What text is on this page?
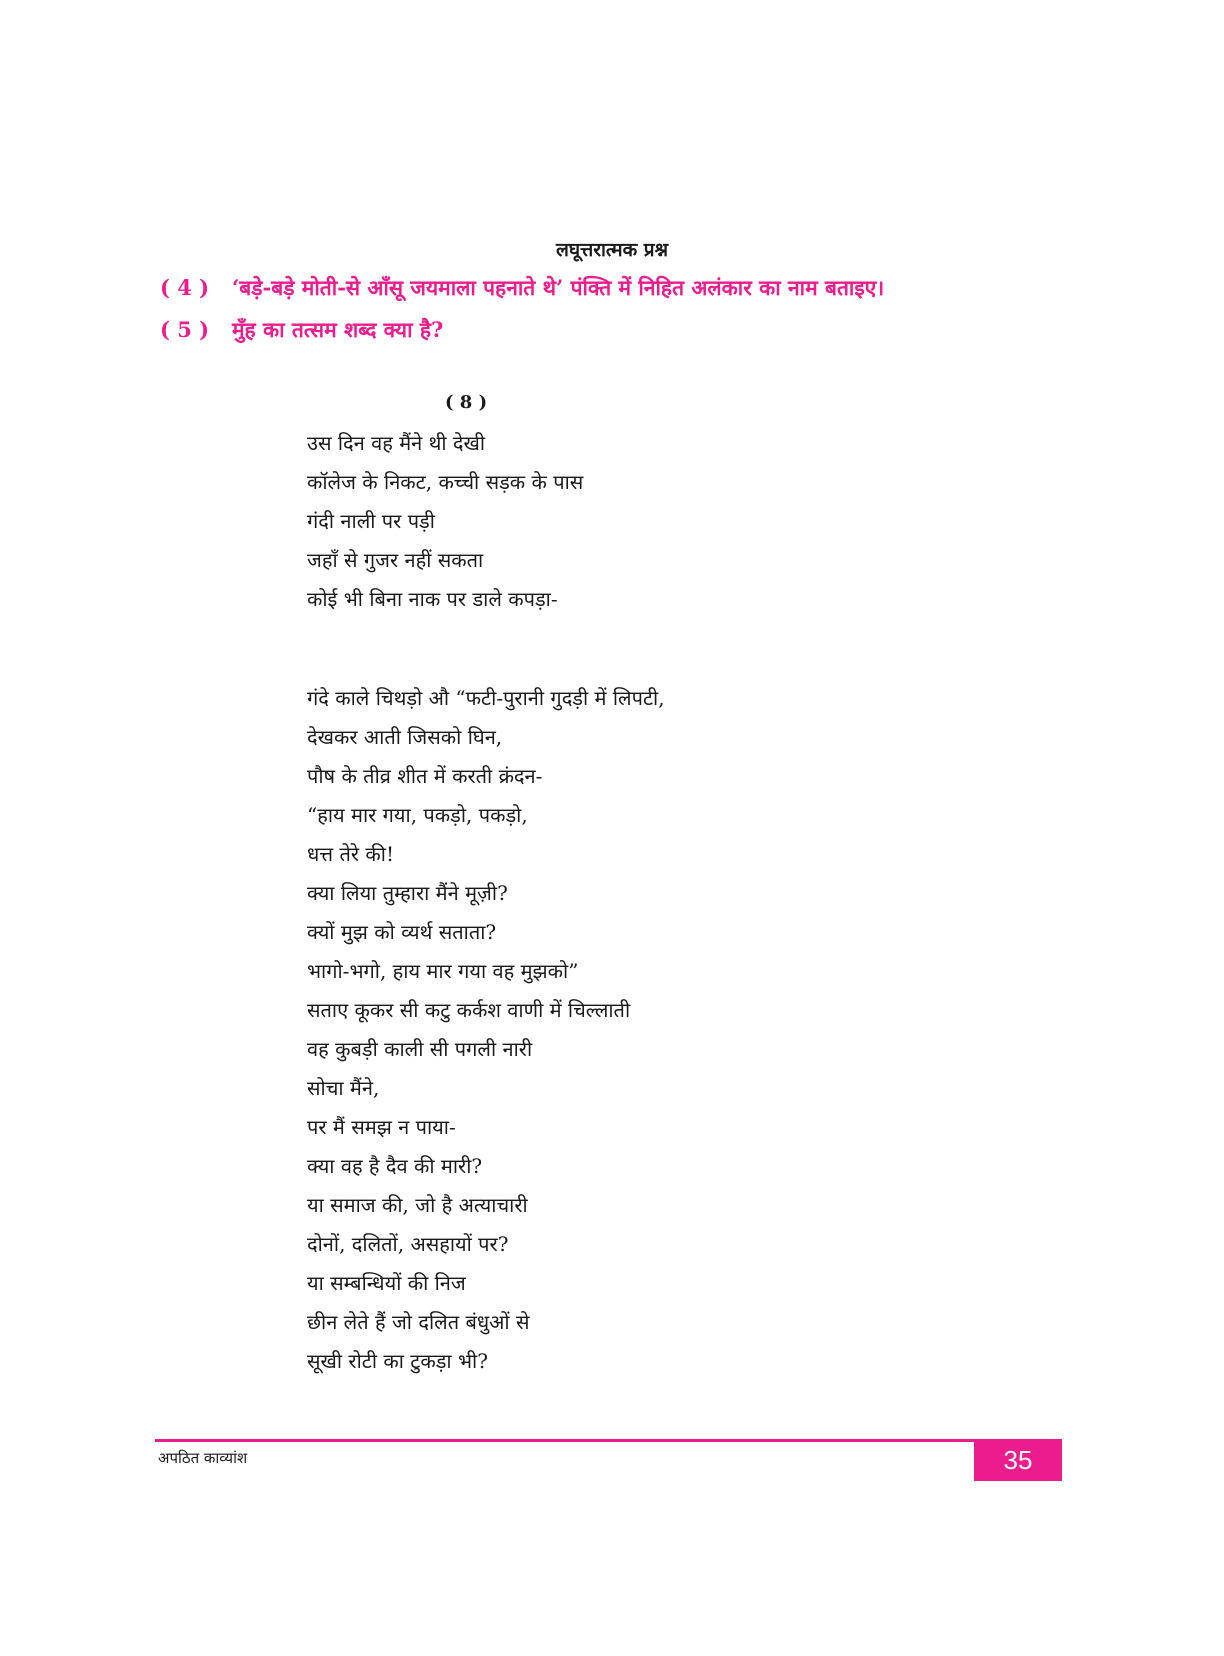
लघूत्तरात्मक प्रश्न
( 4 ) ‘बड़े-बड़े मोती-से आँसू जयमाला पहनाते थे’ पंक्ति में निहित अलंकार का नाम बताइए।
( 5 ) मुँह का तत्सम शब्द क्या है?
( 8 )
उस दिन वह मैंने थी देखी
कॉलेज के निकट, कच्ची सड़क के पास
गंदी नाली पर पड़ी
जहाँ से गुजर नहीं सकता
कोई भी बिना नाक पर डाले कपड़ा-
गंदे काले चिथड़ो औ “फटी-पुरानी गुदड़ी में लिपटी,
देखकर आती जिसको घिन,
पौष के तीव्र शीत में करती क्रंदन-
“हाय मार गया, पकड़ो, पकड़ो,
धत्त तेरे की!
क्या लिया तुम्हारा मैंने मूज़ी?
क्यों मुझ को व्यर्थ सताता?
भागो-भगो, हाय मार गया वह मुझको”
सताए कूकर सी कटु कर्कश वाणी में चिल्लाती
वह कुबड़ी काली सी पगली नारी
सोचा मैंने,
पर मैं समझ न पाया-
क्या वह है दैव की मारी?
या समाज की, जो है अत्याचारी
दोनों, दलितों, असहायों पर?
या सम्बन्धियों की निज
छीन लेते हैं जो दलित बंधुओं से
सूखी रोटी का टुकड़ा भी?
अपठित काव्यांश	35
